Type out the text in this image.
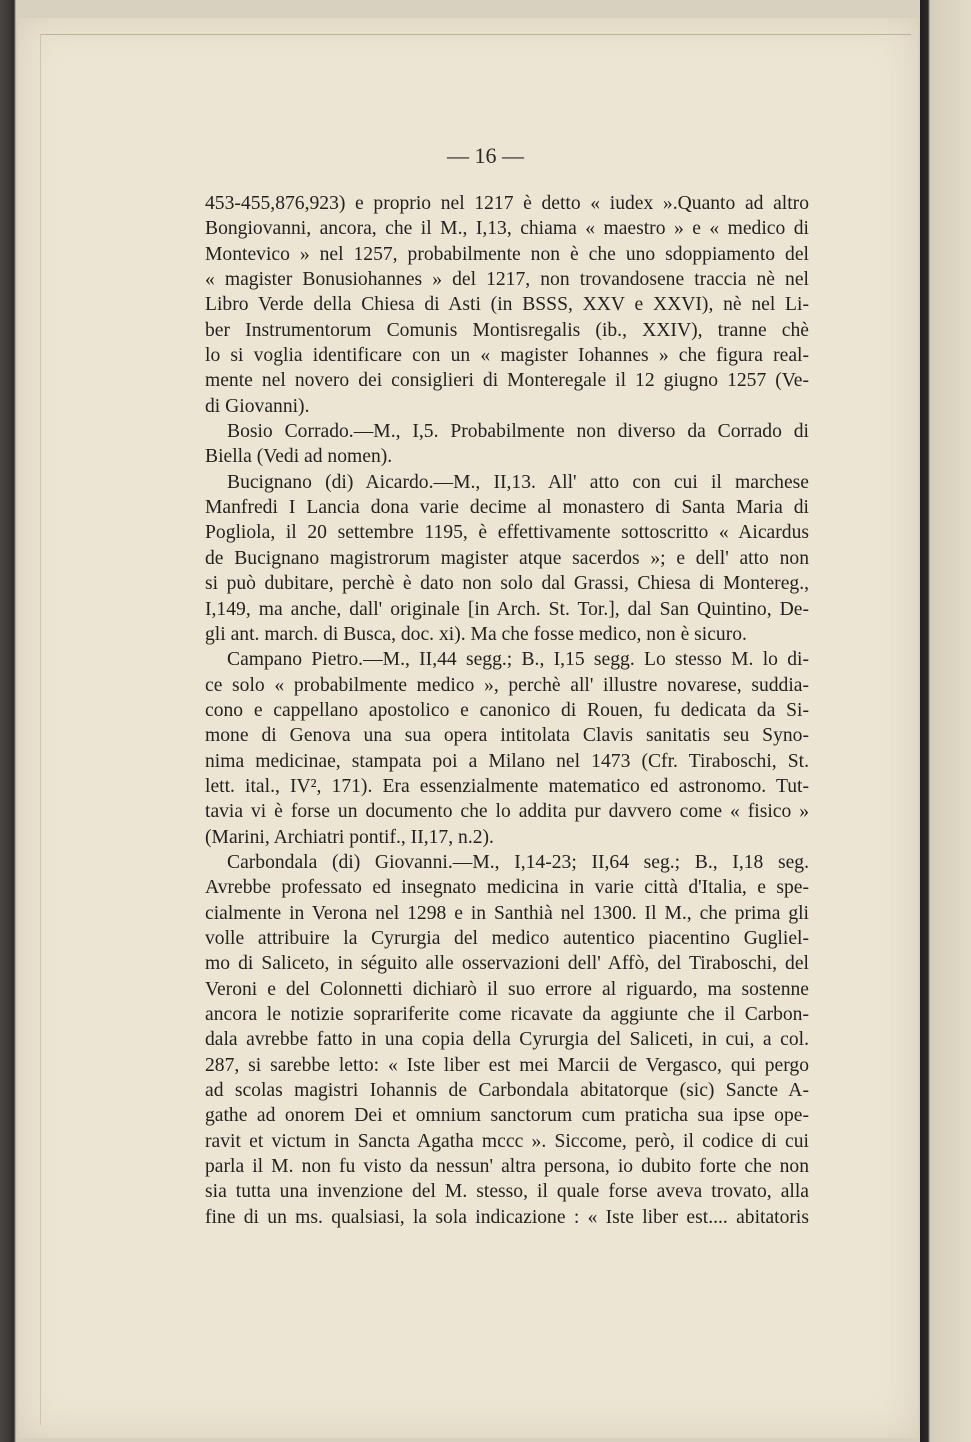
— 16 —
453-455,876,923) e proprio nel 1217 è detto « iudex ».Quanto ad altro
Bongiovanni, ancora, che il M., I,13, chiama « maestro » e « medico di
Montevico » nel 1257, probabilmente non è che uno sdoppiamento del
« magister Bonusiohannes » del 1217, non trovandosene traccia nè nel
Libro Verde della Chiesa di Asti (in BSSS, XXV e XXVI), nè nel Li-
ber Instrumentorum Comunis Montisregalis (ib., XXIV), tranne chè
lo si voglia identificare con un « magister Iohannes » che figura real-
mente nel novero dei consiglieri di Monteregale il 12 giugno 1257 (Ve-
di Giovanni).
Bosio Corrado.—M., I,5. Probabilmente non diverso da Corrado di
Biella (Vedi ad nomen).
Bucignano (di) Aicardo.—M., II,13. All' atto con cui il marchese
Manfredi I Lancia dona varie decime al monastero di Santa Maria di
Pogliola, il 20 settembre 1195, è effettivamente sottoscritto « Aicardus
de Bucignano magistrorum magister atque sacerdos »; e dell' atto non
si può dubitare, perchè è dato non solo dal Grassi, Chiesa di Montereg.,
I,149, ma anche, dall' originale [in Arch. St. Tor.], dal San Quintino, De-
gli ant. march. di Busca, doc. xi). Ma che fosse medico, non è sicuro.
Campano Pietro.—M., II,44 segg.; B., I,15 segg. Lo stesso M. lo di-
ce solo « probabilmente medico », perchè all' illustre novarese, suddia-
cono e cappellano apostolico e canonico di Rouen, fu dedicata da Si-
mone di Genova una sua opera intitolata Clavis sanitatis seu Syno-
nima medicinae, stampata poi a Milano nel 1473 (Cfr. Tiraboschi, St.
lett. ital., IV², 171). Era essenzialmente matematico ed astronomo. Tut-
tavia vi è forse un documento che lo addita pur davvero come « fisico »
(Marini, Archiatri pontif., II,17, n.2).
Carbondala (di) Giovanni.—M., I,14-23; II,64 seg.; B., I,18 seg.
Avrebbe professato ed insegnato medicina in varie città d'Italia, e spe-
cialmente in Verona nel 1298 e in Santhià nel 1300. Il M., che prima gli
volle attribuire la Cyrurgia del medico autentico piacentino Gugliel-
mo di Saliceto, in séguito alle osservazioni dell' Affò, del Tiraboschi, del
Veroni e del Colonnetti dichiarò il suo errore al riguardo, ma sostenne
ancora le notizie soprariferite come ricavate da aggiunte che il Carbon-
dala avrebbe fatto in una copia della Cyrurgia del Saliceti, in cui, a col.
287, si sarebbe letto: « Iste liber est mei Marcii de Vergasco, qui pergo
ad scolas magistri Iohannis de Carbondala abitatorque (sic) Sancte A-
gathe ad onorem Dei et omnium sanctorum cum praticha sua ipse ope-
ravit et victum in Sancta Agatha mccc ». Siccome, però, il codice di cui
parla il M. non fu visto da nessun' altra persona, io dubito forte che non
sia tutta una invenzione del M. stesso, il quale forse aveva trovato, alla
fine di un ms. qualsiasi, la sola indicazione : « Iste liber est.... abitatoris
